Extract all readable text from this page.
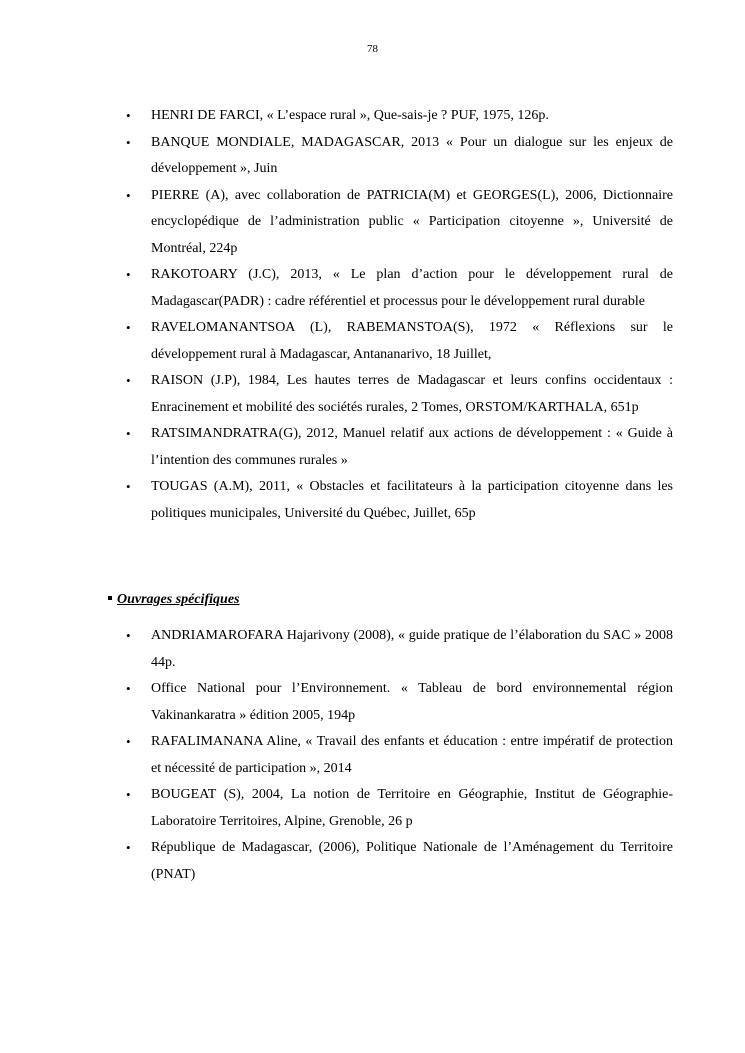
78
• HENRI DE FARCI, « L’espace rural », Que-sais-je ? PUF, 1975, 126p.
• BANQUE MONDIALE, MADAGASCAR, 2013 « Pour un dialogue sur les enjeux de développement », Juin
• PIERRE (A), avec collaboration de PATRICIA(M) et GEORGES(L), 2006, Dictionnaire encyclopédique de l’administration public « Participation citoyenne », Université de Montréal, 224p
• RAKOTOARY (J.C), 2013, « Le plan d’action pour le développement rural de Madagascar(PADR) : cadre référentiel et processus pour le développement rural durable
• RAVELOMANANTSOA (L), RABEMANSTOA(S), 1972 « Réflexions sur le développement rural à Madagascar, Antananarivo, 18 Juillet,
• RAISON (J.P), 1984, Les hautes terres de Madagascar et leurs confins occidentaux : Enracinement et mobilité des sociétés rurales, 2 Tomes, ORSTOM/KARTHALA, 651p
• RATSIMANDRATRA(G), 2012, Manuel relatif aux actions de développement : « Guide à l’intention des communes rurales »
• TOUGAS (A.M), 2011, « Obstacles et facilitateurs à la participation citoyenne dans les politiques municipales, Université du Québec, Juillet, 65p
Ouvrages spécifiques
• ANDRIAMAROFARA Hajarivony (2008), « guide pratique de l’élaboration du SAC » 2008 44p.
• Office National pour l’Environnement. « Tableau de bord environnemental région Vakinankaratra » édition 2005, 194p
• RAFALIMANANA Aline, « Travail des enfants et éducation : entre impératif de protection et nécessité de participation », 2014
• BOUGEAT (S), 2004, La notion de Territoire en Géographie, Institut de Géographie-Laboratoire Territoires, Alpine, Grenoble, 26 p
• République de Madagascar, (2006), Politique Nationale de l’Aménagement du Territoire (PNAT)
